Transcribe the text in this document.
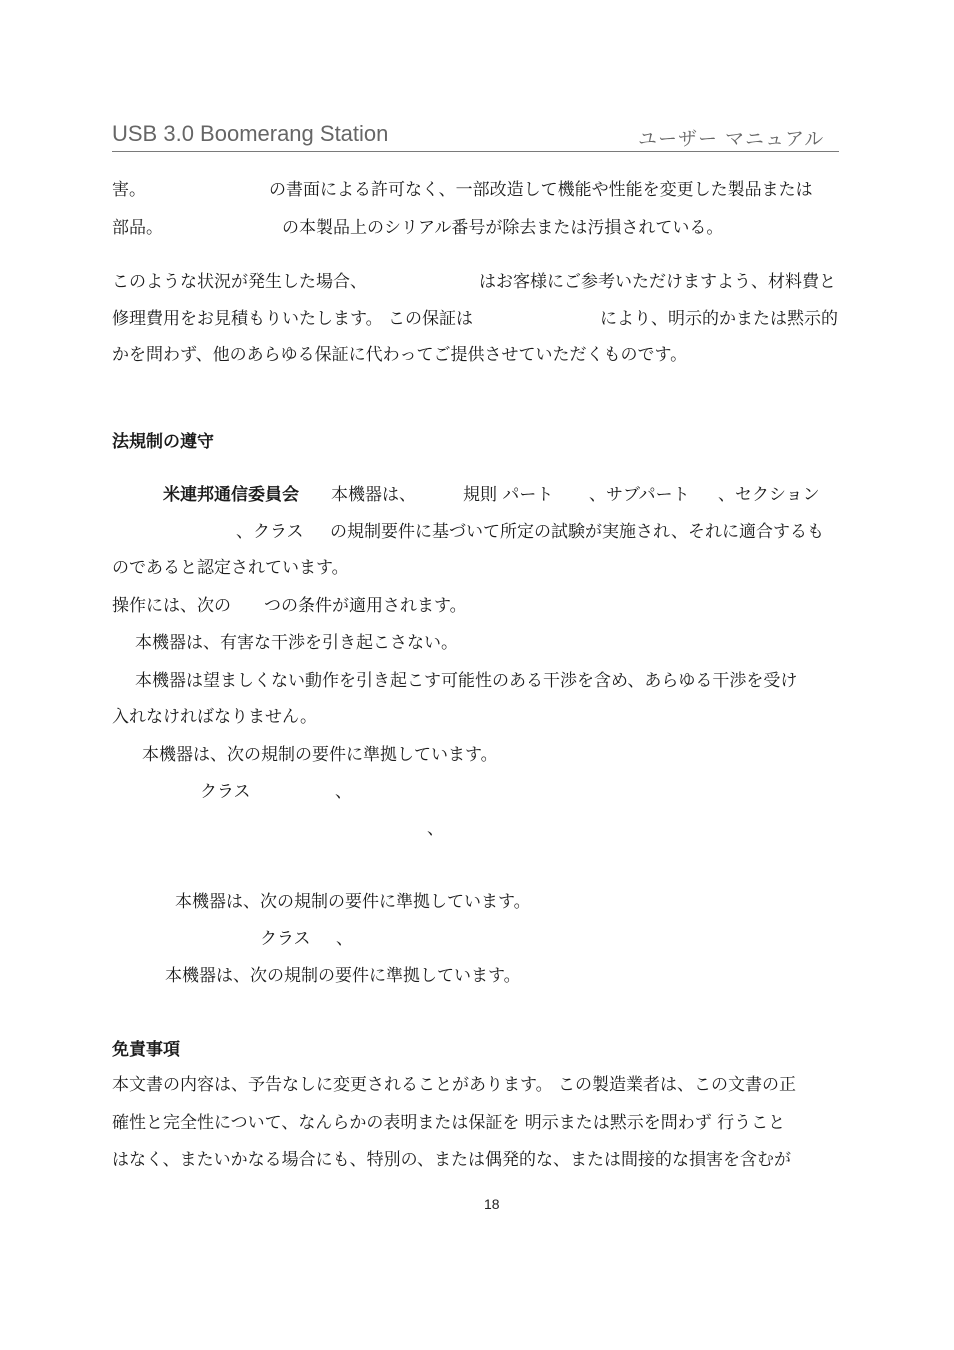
USB 3.0 Boomerang Station	ユーザー マニュアル
害。	の書面による許可なく、一部改造して機能や性能を変更した製品または
部品。	の本製品上のシリアル番号が除去または汚損されている。
このような状況が発生した場合、	はお客様にご参考いただけますよう、材料費と
修理費用をお見積もりいたします。 この保証は	により、明示的かまたは黙示的
かを問わず、他のあらゆる保証に代わってご提供させていただくものです。
法規制の遵守
米連邦通信委員会 本機器は、	規則 パート 、サブパート 、セクション
、クラス の規制要件に基づいて所定の試験が実施され、それに適合するも
のであると認定されています。
操作には、次の つの条件が適用されます。
本機器は、有害な干渉を引き起こさない。
本機器は望ましくない動作を引き起こす可能性のある干渉を含め、あらゆる干渉を受け
入れなければなりません。
本機器は、次の規制の要件に準拠しています。
クラス	、
、
本機器は、次の規制の要件に準拠しています。
クラス 、
本機器は、次の規制の要件に準拠しています。
免責事項
本文書の内容は、予告なしに変更されることがあります。 この製造業者は、この文書の正
確性と完全性について、なんらかの表明または保証を 明示または黙示を問わず 行うこと
はなく、またいかなる場合にも、特別の、または偶発的な、または間接的な損害を含むが
18
